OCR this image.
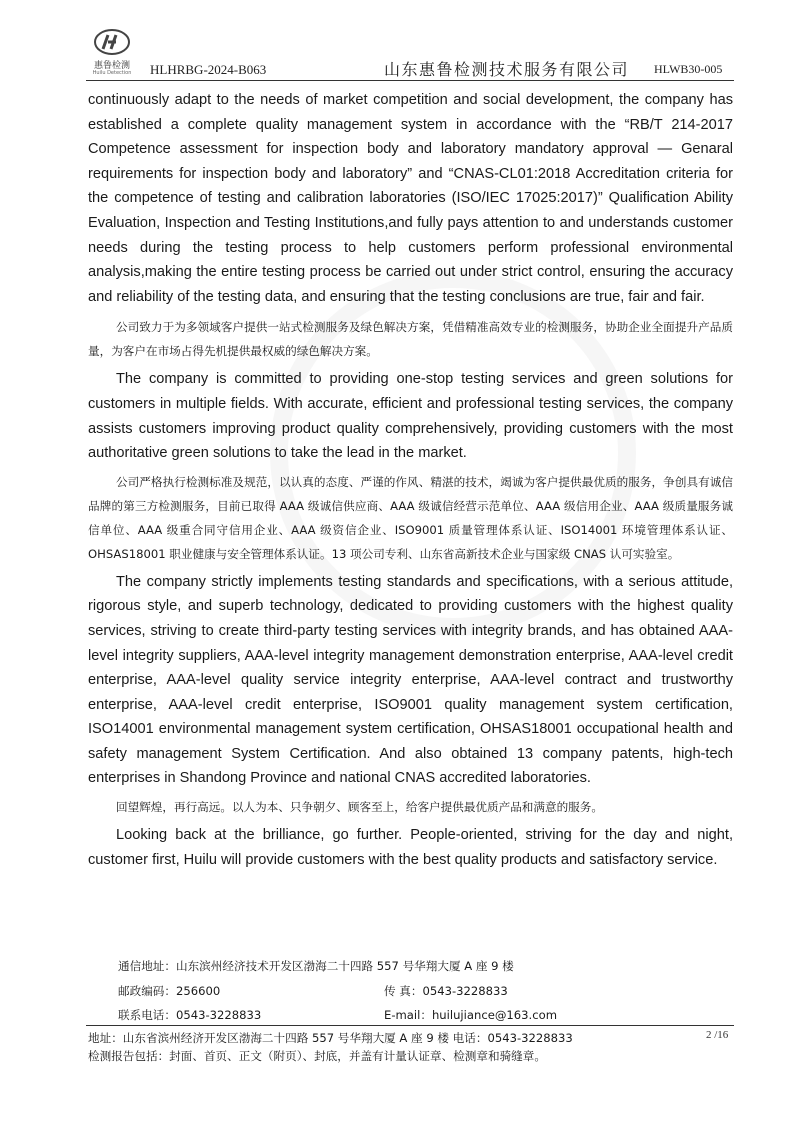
惠鲁检测
Huilu Detection	HLHRBG-2024-B063	山东惠鲁检测技术服务有限公司 HLWB30-005

continuously adapt to the needs of market competition and social development, the company has established a complete quality management system in accordance with the “RB/T 214-2017 Competence assessment for inspection body and laboratory mandatory approval — Genaral requirements for inspection body and laboratory” and “CNAS-CL01:2018 Accreditation criteria for the competence of testing and calibration laboratories (ISO/IEC 17025:2017)” Qualification Ability Evaluation, Inspection and Testing Institutions,and fully pays attention to and understands customer needs during the testing process to help customers perform professional environmental analysis,making the entire testing process be carried out under strict control, ensuring the accuracy and reliability of the testing data, and ensuring that the testing conclusions are true, fair and fair.

公司致力于为多领域客户提供一站式检测服务及绿色解决方案，凭借精准高效专业的检测服务，协助企业全面提升产品质量，为客户在市场占得先机提供最权威的绿色解决方案。

The company is committed to providing one-stop testing services and green solutions for customers in multiple fields. With accurate, efficient and professional testing services, the company assists customers improving product quality comprehensively, providing customers with the most authoritative green solutions to take the lead in the market.

公司严格执行检测标准及规范，以认真的态度、严谨的作风、精湛的技术，竭诚为客户提供最优质的服务，争创具有诚信品牌的第三方检测服务，目前已取得 AAA 级诚信供应商、AAA 级诚信经营示范单位、AAA 级信用企业、AAA 级质量服务诚信单位、AAA 级重合同守信用企业、AAA 级资信企业、ISO9001 质量管理体系认证、ISO14001 环境管理体系认证、OHSAS18001 职业健康与安全管理体系认证。13 项公司专利、山东省高新技术企业与国家级 CNAS 认可实验室。

The company strictly implements testing standards and specifications, with a serious attitude, rigorous style, and superb technology, dedicated to providing customers with the highest quality services, striving to create third-party testing services with integrity brands, and has obtained AAA-level integrity suppliers, AAA-level integrity management demonstration enterprise, AAA-level credit enterprise, AAA-level quality service integrity enterprise, AAA-level contract and trustworthy enterprise, AAA-level credit enterprise, ISO9001 quality management system certification, ISO14001 environmental management system certification, OHSAS18001 occupational health and safety management System Certification. And also obtained 13 company patents, high-tech enterprises in Shandong Province and national CNAS accredited laboratories.

回望辉煌，再行高远。以人为本、只争朝夕、顾客至上，给客户提供最优质产品和满意的服务。

Looking back at the brilliance, go further. People-oriented, striving for the day and night, customer first, Huilu will provide customers with the best quality products and satisfactory service.

通信地址：山东滨州经济技术开发区渤海二十四路 557 号华翔大厦 A 座 9 楼
邮政编码：256600	传 真：0543-3228833
联系电话：0543-3228833	E-mail：huilujiance@163.com
地址：山东省滨州经济开发区渤海二十四路 557 号华翔大厦 A 座 9 楼 电话：0543-3228833	2 /16
检测报告包括：封面、首页、正文（附页）、封底，并盖有计量认证章、检测章和骑缝章。
